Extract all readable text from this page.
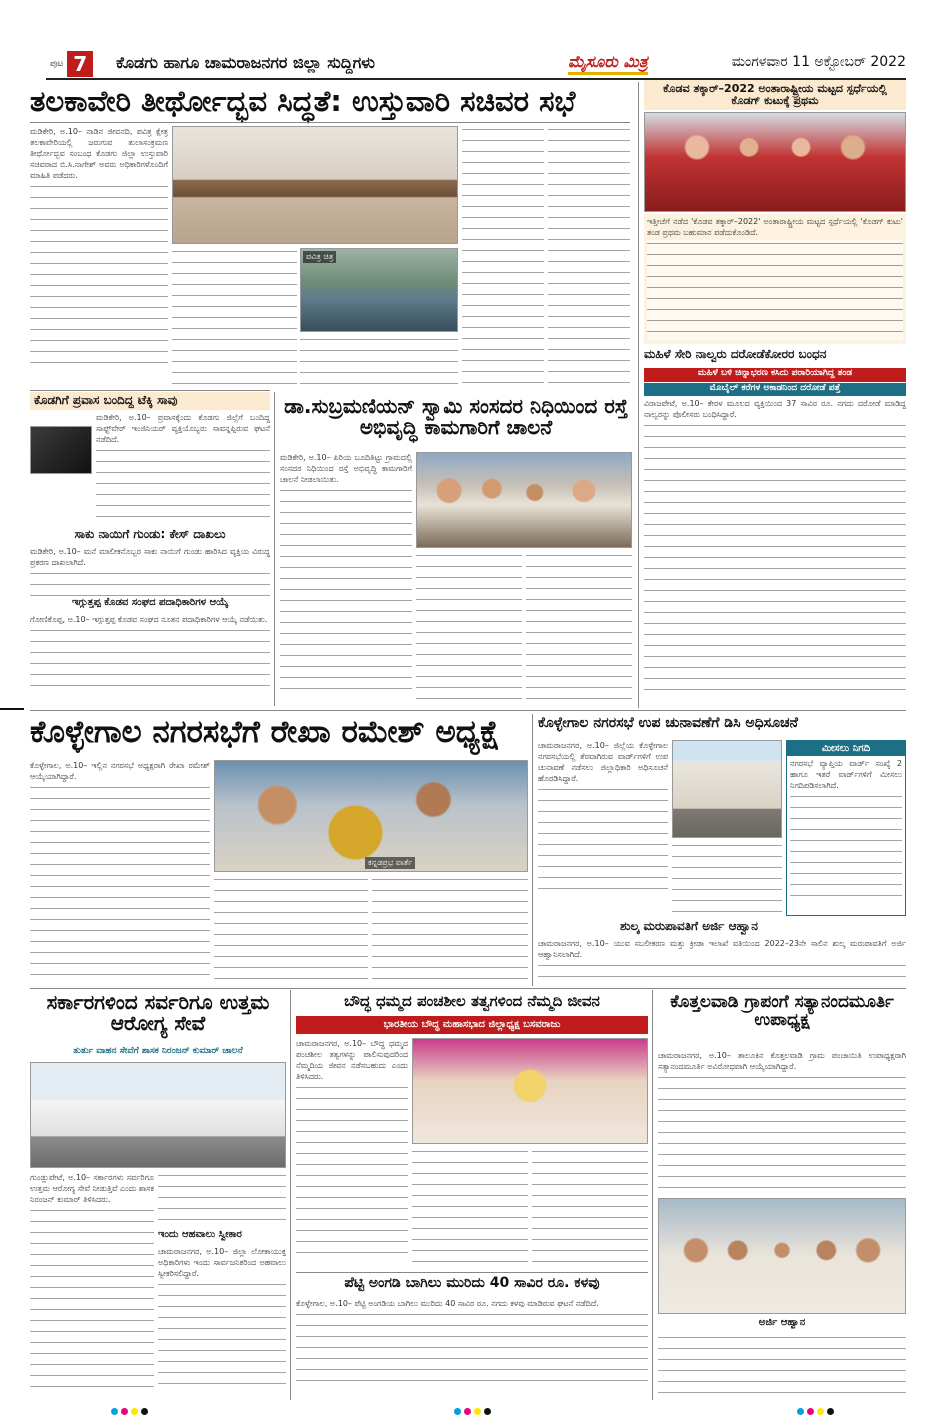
ಪುಟ 7	ಕೊಡಗು ಹಾಗೂ ಚಾಮರಾಜನಗರ ಜಿಲ್ಲಾ ಸುದ್ದಿಗಳು	ಮೈಸೂರು ಮಿತ್ರ	ಮಂಗಳವಾರ 11 ಅಕ್ಟೋಬರ್ 2022
ತಲಕಾವೇರಿ ತೀರ್ಥೋದ್ಭವ ಸಿದ್ಧತೆ: ಉಸ್ತುವಾರಿ ಸಚಿವರ ಸಭೆ

ಮಡಿಕೇರಿ, ಅ.10– ನಾಡಿನ ಜೀವನದಿ, ಪವಿತ್ರ ಕ್ಷೇತ್ರ ತಲಕಾವೇರಿಯಲ್ಲಿ ಜರುಗುವ ತುಲಾಸಂಕ್ರಮಣ ತೀರ್ಥೋದ್ಭವ ಸಂಬಂಧ ಕೊಡಗು ಜಿಲ್ಲಾ ಉಸ್ತುವಾರಿ ಸಚಿವರಾದ ಬಿ.ಸಿ.ನಾಗೇಶ್ ಅವರು ಅಧಿಕಾರಿಗಳೊಂದಿಗೆ ಮಾಹಿತಿ ಪಡೆದರು.

ಪವಿತ್ರ ಚಿತ್ರ
ಕೊಡವ ತಕ್ಕಾರ್–2022 ಅಂತಾರಾಷ್ಟ್ರೀಯ ಮಟ್ಟದ ಸ್ಪರ್ಧೆಯಲ್ಲಿ ಕೊಡಗ್ ಕುಟುಕ್ಕೆ ಪ್ರಥಮ

ಇತ್ತೀಚೆಗೆ ನಡೆದ 'ಕೊಡವ ತಕ್ಕಾರ್–2022' ಅಂತಾರಾಷ್ಟ್ರೀಯ ಮಟ್ಟದ ಸ್ಪರ್ಧೆಯಲ್ಲಿ 'ಕೊಡಗ್ ಕುಟು' ತಂಡ ಪ್ರಥಮ ಬಹುಮಾನ ಪಡೆದುಕೊಂಡಿದೆ.

ಮಹಿಳೆ ಸೇರಿ ನಾಲ್ವರು ದರೋಡೆಕೋರರ ಬಂಧನ
ಮಹಿಳೆ ಬಳಿ ಚಿನ್ನಾಭರಣ ಕಸಿದು ಪರಾರಿಯಾಗಿದ್ದ ತಂಡ
ಮೊಬೈಲ್ ಕರೆಗಳ ಅಕಾಡನಿಂದ ದರೋಡೆ ಪತ್ತೆ

ವಿರಾಜಪೇಟೆ, ಅ.10– ಕೇರಳ ಮೂಲದ ವ್ಯಕ್ತಿಯಿಂದ 37 ಸಾವಿರ ರೂ. ನಗದು ದರೋಡೆ ಮಾಡಿದ್ದ ನಾಲ್ವರನ್ನು ಪೊಲೀಸರು ಬಂಧಿಸಿದ್ದಾರೆ.

ಕೊಡಗಿಗೆ ಪ್ರವಾಸ ಬಂದಿದ್ದ ಟೆಕ್ಕಿ ಸಾವು

ಮಡಿಕೇರಿ, ಅ.10– ಪ್ರವಾಸಕ್ಕೆಂದು ಕೊಡಗು ಜಿಲ್ಲೆಗೆ ಬಂದಿದ್ದ ಸಾಫ್ಟ್‌ವೇರ್ ಇಂಜಿನಿಯರ್ ವ್ಯಕ್ತಿಯೊಬ್ಬರು ಸಾವನ್ನಪ್ಪಿರುವ ಘಟನೆ ನಡೆದಿದೆ.

ಸಾಕು ನಾಯಿಗೆ ಗುಂಡು: ಕೇಸ್ ದಾಖಲು

ಮಡಿಕೇರಿ, ಅ.10– ಮನೆ ಮಾಲೀಕನೊಬ್ಬರ ಸಾಕು ನಾಯಿಗೆ ಗುಂಡು ಹಾರಿಸಿದ ವ್ಯಕ್ತಿಯ ವಿರುದ್ಧ ಪ್ರಕರಣ ದಾಖಲಾಗಿದೆ.

ಇಗ್ಗುತ್ತಪ್ಪ ಕೊಡವ ಸಂಘದ ಪದಾಧಿಕಾರಿಗಳ ಆಯ್ಕೆ

ಗೋಣಿಕೊಪ್ಪ, ಅ.10– ಇಗ್ಗುತ್ತಪ್ಪ ಕೊಡವ ಸಂಘದ ನೂತನ ಪದಾಧಿಕಾರಿಗಳ ಆಯ್ಕೆ ನಡೆಯಿತು.

ಡಾ.ಸುಬ್ರಮಣಿಯನ್ ಸ್ವಾಮಿ ಸಂಸದರ ನಿಧಿಯಿಂದ ರಸ್ತೆ ಅಭಿವೃದ್ಧಿ ಕಾಮಗಾರಿಗೆ ಚಾಲನೆ

ಮಡಿಕೇರಿ, ಅ.10– ಪಿರಿಯ ಬೂದಿತಿಟ್ಟು ಗ್ರಾಮದಲ್ಲಿ ಸಂಸದರ ನಿಧಿಯಿಂದ ರಸ್ತೆ ಅಭಿವೃದ್ಧಿ ಕಾಮಗಾರಿಗೆ ಚಾಲನೆ ನೀಡಲಾಯಿತು.

ಕೊಳ್ಳೇಗಾಲ ನಗರಸಭೆಗೆ ರೇಖಾ ರಮೇಶ್ ಅಧ್ಯಕ್ಷೆ

ಕೊಳ್ಳೇಗಾಲ, ಅ.10– ಇಲ್ಲಿನ ನಗರಸಭೆ ಅಧ್ಯಕ್ಷರಾಗಿ ರೇಖಾ ರಮೇಶ್ ಆಯ್ಕೆಯಾಗಿದ್ದಾರೆ.

ಕನ್ನಡಪ್ರಭ ವಾರ್ತೆ
ಕೊಳ್ಳೇಗಾಲ ನಗರಸಭೆ ಉಪ ಚುನಾವಣೆಗೆ ಡಿಸಿ ಅಧಿಸೂಚನೆ

ಚಾಮರಾಜನಗರ, ಅ.10– ಜಿಲ್ಲೆಯ ಕೊಳ್ಳೇಗಾಲ ನಗರಸಭೆಯಲ್ಲಿ ತೆರವಾಗಿರುವ ವಾರ್ಡ್‌ಗಳಿಗೆ ಉಪ ಚುನಾವಣೆ ನಡೆಸಲು ಜಿಲ್ಲಾಧಿಕಾರಿ ಅಧಿಸೂಚನೆ ಹೊರಡಿಸಿದ್ದಾರೆ.

ಮೀಸಲು ನಿಗದಿ

ನಗರಸಭೆ ವ್ಯಾಪ್ತಿಯ ವಾರ್ಡ್ ಸಂಖ್ಯೆ 2 ಹಾಗೂ ಇತರೆ ವಾರ್ಡ್‌ಗಳಿಗೆ ಮೀಸಲು ನಿಗದಿಪಡಿಸಲಾಗಿದೆ.

ಶುಲ್ಕ ಮರುಪಾವತಿಗೆ ಅರ್ಜಿ ಆಹ್ವಾನ

ಚಾಮರಾಜನಗರ, ಅ.10– ಯುವ ಸಬಲೀಕರಣ ಮತ್ತು ಕ್ರೀಡಾ ಇಲಾಖೆ ವತಿಯಿಂದ 2022–23ನೇ ಸಾಲಿನ ಶುಲ್ಕ ಮರುಪಾವತಿಗೆ ಅರ್ಜಿ ಆಹ್ವಾನಿಸಲಾಗಿದೆ.

ಸರ್ಕಾರಗಳಿಂದ ಸರ್ವರಿಗೂ ಉತ್ತಮ ಆರೋಗ್ಯ ಸೇವೆ
ತುರ್ತು ವಾಹನ ಸೇವೆಗೆ ಶಾಸಕ ನಿರಂಜನ್ ಕುಮಾರ್ ಚಾಲನೆ

ಗುಂಡ್ಲುಪೇಟೆ, ಅ.10– ಸರ್ಕಾರಗಳು ಸರ್ವರಿಗೂ ಉತ್ತಮ ಆರೋಗ್ಯ ಸೇವೆ ನೀಡುತ್ತಿವೆ ಎಂದು ಶಾಸಕ ನಿರಂಜನ್ ಕುಮಾರ್ ತಿಳಿಸಿದರು.

ಇಂದು ಆಹವಾಲು ಸ್ವೀಕಾರ

ಚಾಮರಾಜನಗರ, ಅ.10– ಜಿಲ್ಲಾ ಲೋಕಾಯುಕ್ತ ಅಧಿಕಾರಿಗಳು ಇಂದು ಸಾರ್ವಜನಿಕರಿಂದ ಅಹವಾಲು ಸ್ವೀಕರಿಸಲಿದ್ದಾರೆ.

ಬೌದ್ಧ ಧಮ್ಮದ ಪಂಚಶೀಲ ತತ್ವಗಳಿಂದ ನೆಮ್ಮದಿ ಜೀವನ
ಭಾರತೀಯ ಬೌದ್ಧ ಮಹಾಸಭಾದ ಜಿಲ್ಲಾಧ್ಯಕ್ಷ ಬಸವರಾಜು

ಚಾಮರಾಜನಗರ, ಅ.10– ಬೌದ್ಧ ಧಮ್ಮದ ಪಂಚಶೀಲ ತತ್ವಗಳನ್ನು ಪಾಲಿಸುವುದರಿಂದ ನೆಮ್ಮದಿಯ ಜೀವನ ನಡೆಸಬಹುದು ಎಂದು ತಿಳಿಸಿದರು.

ಪೆಟ್ಟಿ ಅಂಗಡಿ ಬಾಗಿಲು ಮುರಿದು 40 ಸಾವಿರ ರೂ. ಕಳವು

ಕೊಳ್ಳೇಗಾಲ, ಅ.10– ಪೆಟ್ಟಿ ಅಂಗಡಿಯ ಬಾಗಿಲು ಮುರಿದು 40 ಸಾವಿರ ರೂ. ನಗದು ಕಳವು ಮಾಡಿರುವ ಘಟನೆ ನಡೆದಿದೆ.

ಕೊತ್ತಲವಾಡಿ ಗ್ರಾಪಂಗೆ ಸತ್ಯಾನಂದಮೂರ್ತಿ ಉಪಾಧ್ಯಕ್ಷ

ಚಾಮರಾಜನಗರ, ಅ.10– ತಾಲೂಕಿನ ಕೊತ್ತಲವಾಡಿ ಗ್ರಾಮ ಪಂಚಾಯಿತಿ ಉಪಾಧ್ಯಕ್ಷರಾಗಿ ಸತ್ಯಾನಂದಮೂರ್ತಿ ಅವಿರೋಧವಾಗಿ ಆಯ್ಕೆಯಾಗಿದ್ದಾರೆ.

ಅರ್ಜಿ ಆಹ್ವಾನ
